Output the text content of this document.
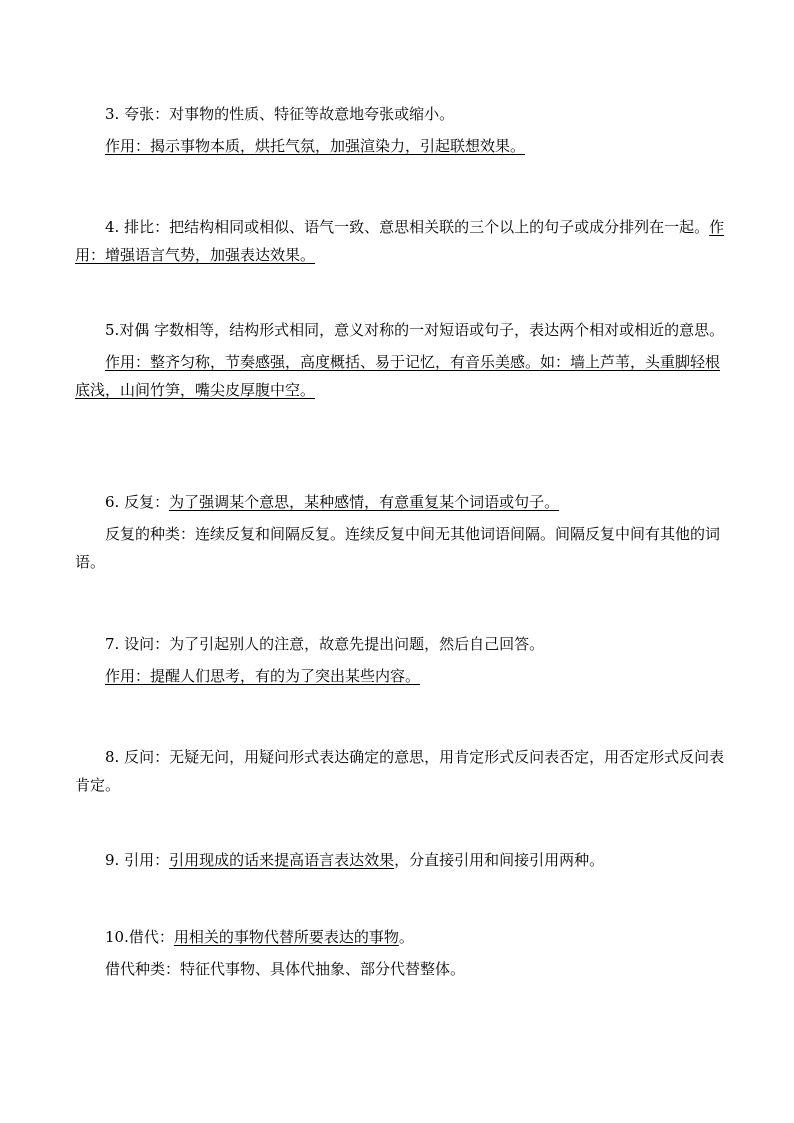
3. 夸张：对事物的性质、特征等故意地夸张或缩小。

作用：揭示事物本质，烘托气氛，加强渲染力，引起联想效果。

4. 排比：把结构相同或相似、语气一致、意思相关联的三个以上的句子或成分排列在一起。作用：增强语言气势，加强表达效果。

5.对偶 字数相等，结构形式相同，意义对称的一对短语或句子，表达两个相对或相近的意思。

作用：整齐匀称，节奏感强，高度概括、易于记忆，有音乐美感。如：墙上芦苇，头重脚轻根底浅，山间竹笋，嘴尖皮厚腹中空。

6. 反复：为了强调某个意思，某种感情，有意重复某个词语或句子。

反复的种类：连续反复和间隔反复。连续反复中间无其他词语间隔。间隔反复中间有其他的词语。

7. 设问：为了引起别人的注意，故意先提出问题，然后自己回答。

作用：提醒人们思考，有的为了突出某些内容。

8. 反问：无疑无问，用疑问形式表达确定的意思，用肯定形式反问表否定，用否定形式反问表肯定。

9. 引用：引用现成的话来提高语言表达效果，分直接引用和间接引用两种。

10.借代：用相关的事物代替所要表达的事物。

借代种类：特征代事物、具体代抽象、部分代替整体。
